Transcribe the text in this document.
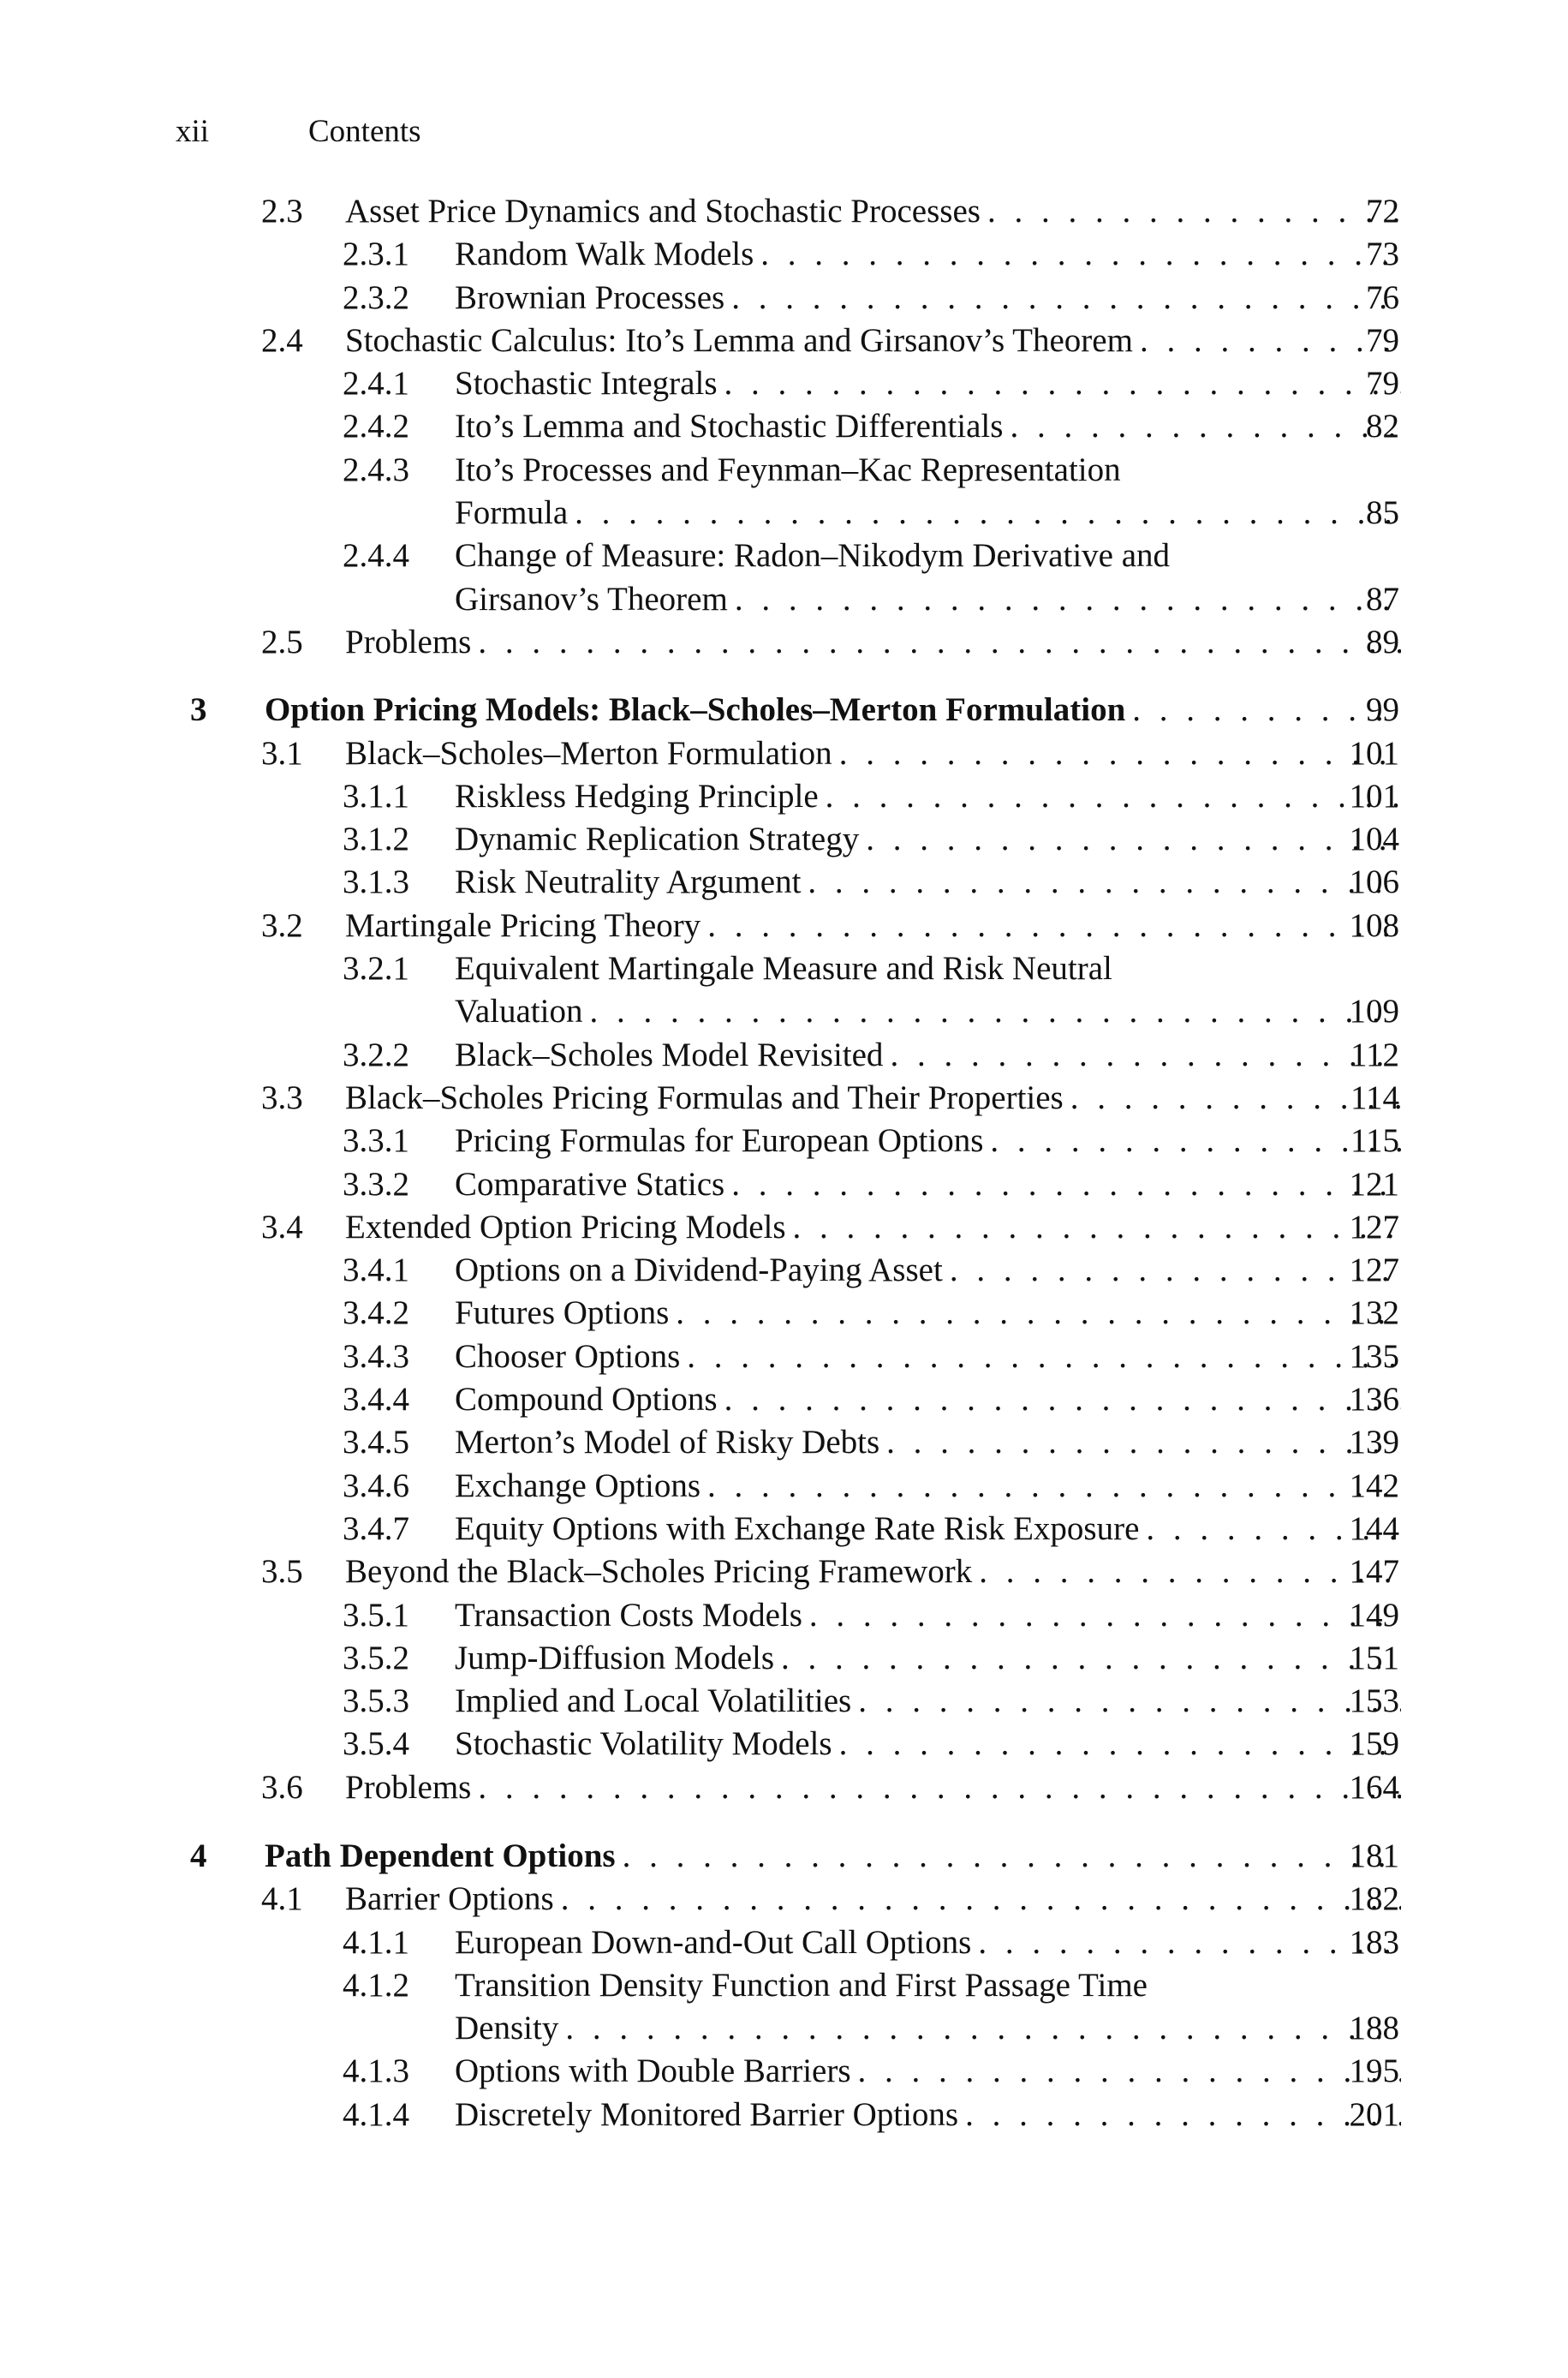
xii	Contents
2.3 Asset Price Dynamics and Stochastic Processes . . .	72
2.3.1 Random Walk Models . . .	73
2.3.2 Brownian Processes . . .	76
2.4 Stochastic Calculus: Ito’s Lemma and Girsanov’s Theorem . . .	79
2.4.1 Stochastic Integrals . . .	79
2.4.2 Ito’s Lemma and Stochastic Differentials . . .	82
2.4.3 Ito’s Processes and Feynman–Kac Representation
Formula . . .	85
2.4.4 Change of Measure: Radon–Nikodym Derivative and
Girsanov’s Theorem . . .	87
2.5 Problems . . .	89
3 Option Pricing Models: Black–Scholes–Merton Formulation . . .	99
3.1 Black–Scholes–Merton Formulation . . .	101
3.1.1 Riskless Hedging Principle . . .	101
3.1.2 Dynamic Replication Strategy . . .	104
3.1.3 Risk Neutrality Argument . . .	106
3.2 Martingale Pricing Theory . . .	108
3.2.1 Equivalent Martingale Measure and Risk Neutral
Valuation . . .	109
3.2.2 Black–Scholes Model Revisited . . .	112
3.3 Black–Scholes Pricing Formulas and Their Properties . . .	114
3.3.1 Pricing Formulas for European Options . . .	115
3.3.2 Comparative Statics . . .	121
3.4 Extended Option Pricing Models . . .	127
3.4.1 Options on a Dividend-Paying Asset . . .	127
3.4.2 Futures Options . . .	132
3.4.3 Chooser Options . . .	135
3.4.4 Compound Options . . .	136
3.4.5 Merton’s Model of Risky Debts . . .	139
3.4.6 Exchange Options . . .	142
3.4.7 Equity Options with Exchange Rate Risk Exposure . . .	144
3.5 Beyond the Black–Scholes Pricing Framework . . .	147
3.5.1 Transaction Costs Models . . .	149
3.5.2 Jump-Diffusion Models . . .	151
3.5.3 Implied and Local Volatilities . . .	153
3.5.4 Stochastic Volatility Models . . .	159
3.6 Problems . . .	164
4 Path Dependent Options . . .	181
4.1 Barrier Options . . .	182
4.1.1 European Down-and-Out Call Options . . .	183
4.1.2 Transition Density Function and First Passage Time
Density . . .	188
4.1.3 Options with Double Barriers . . .	195
4.1.4 Discretely Monitored Barrier Options . . .	201
